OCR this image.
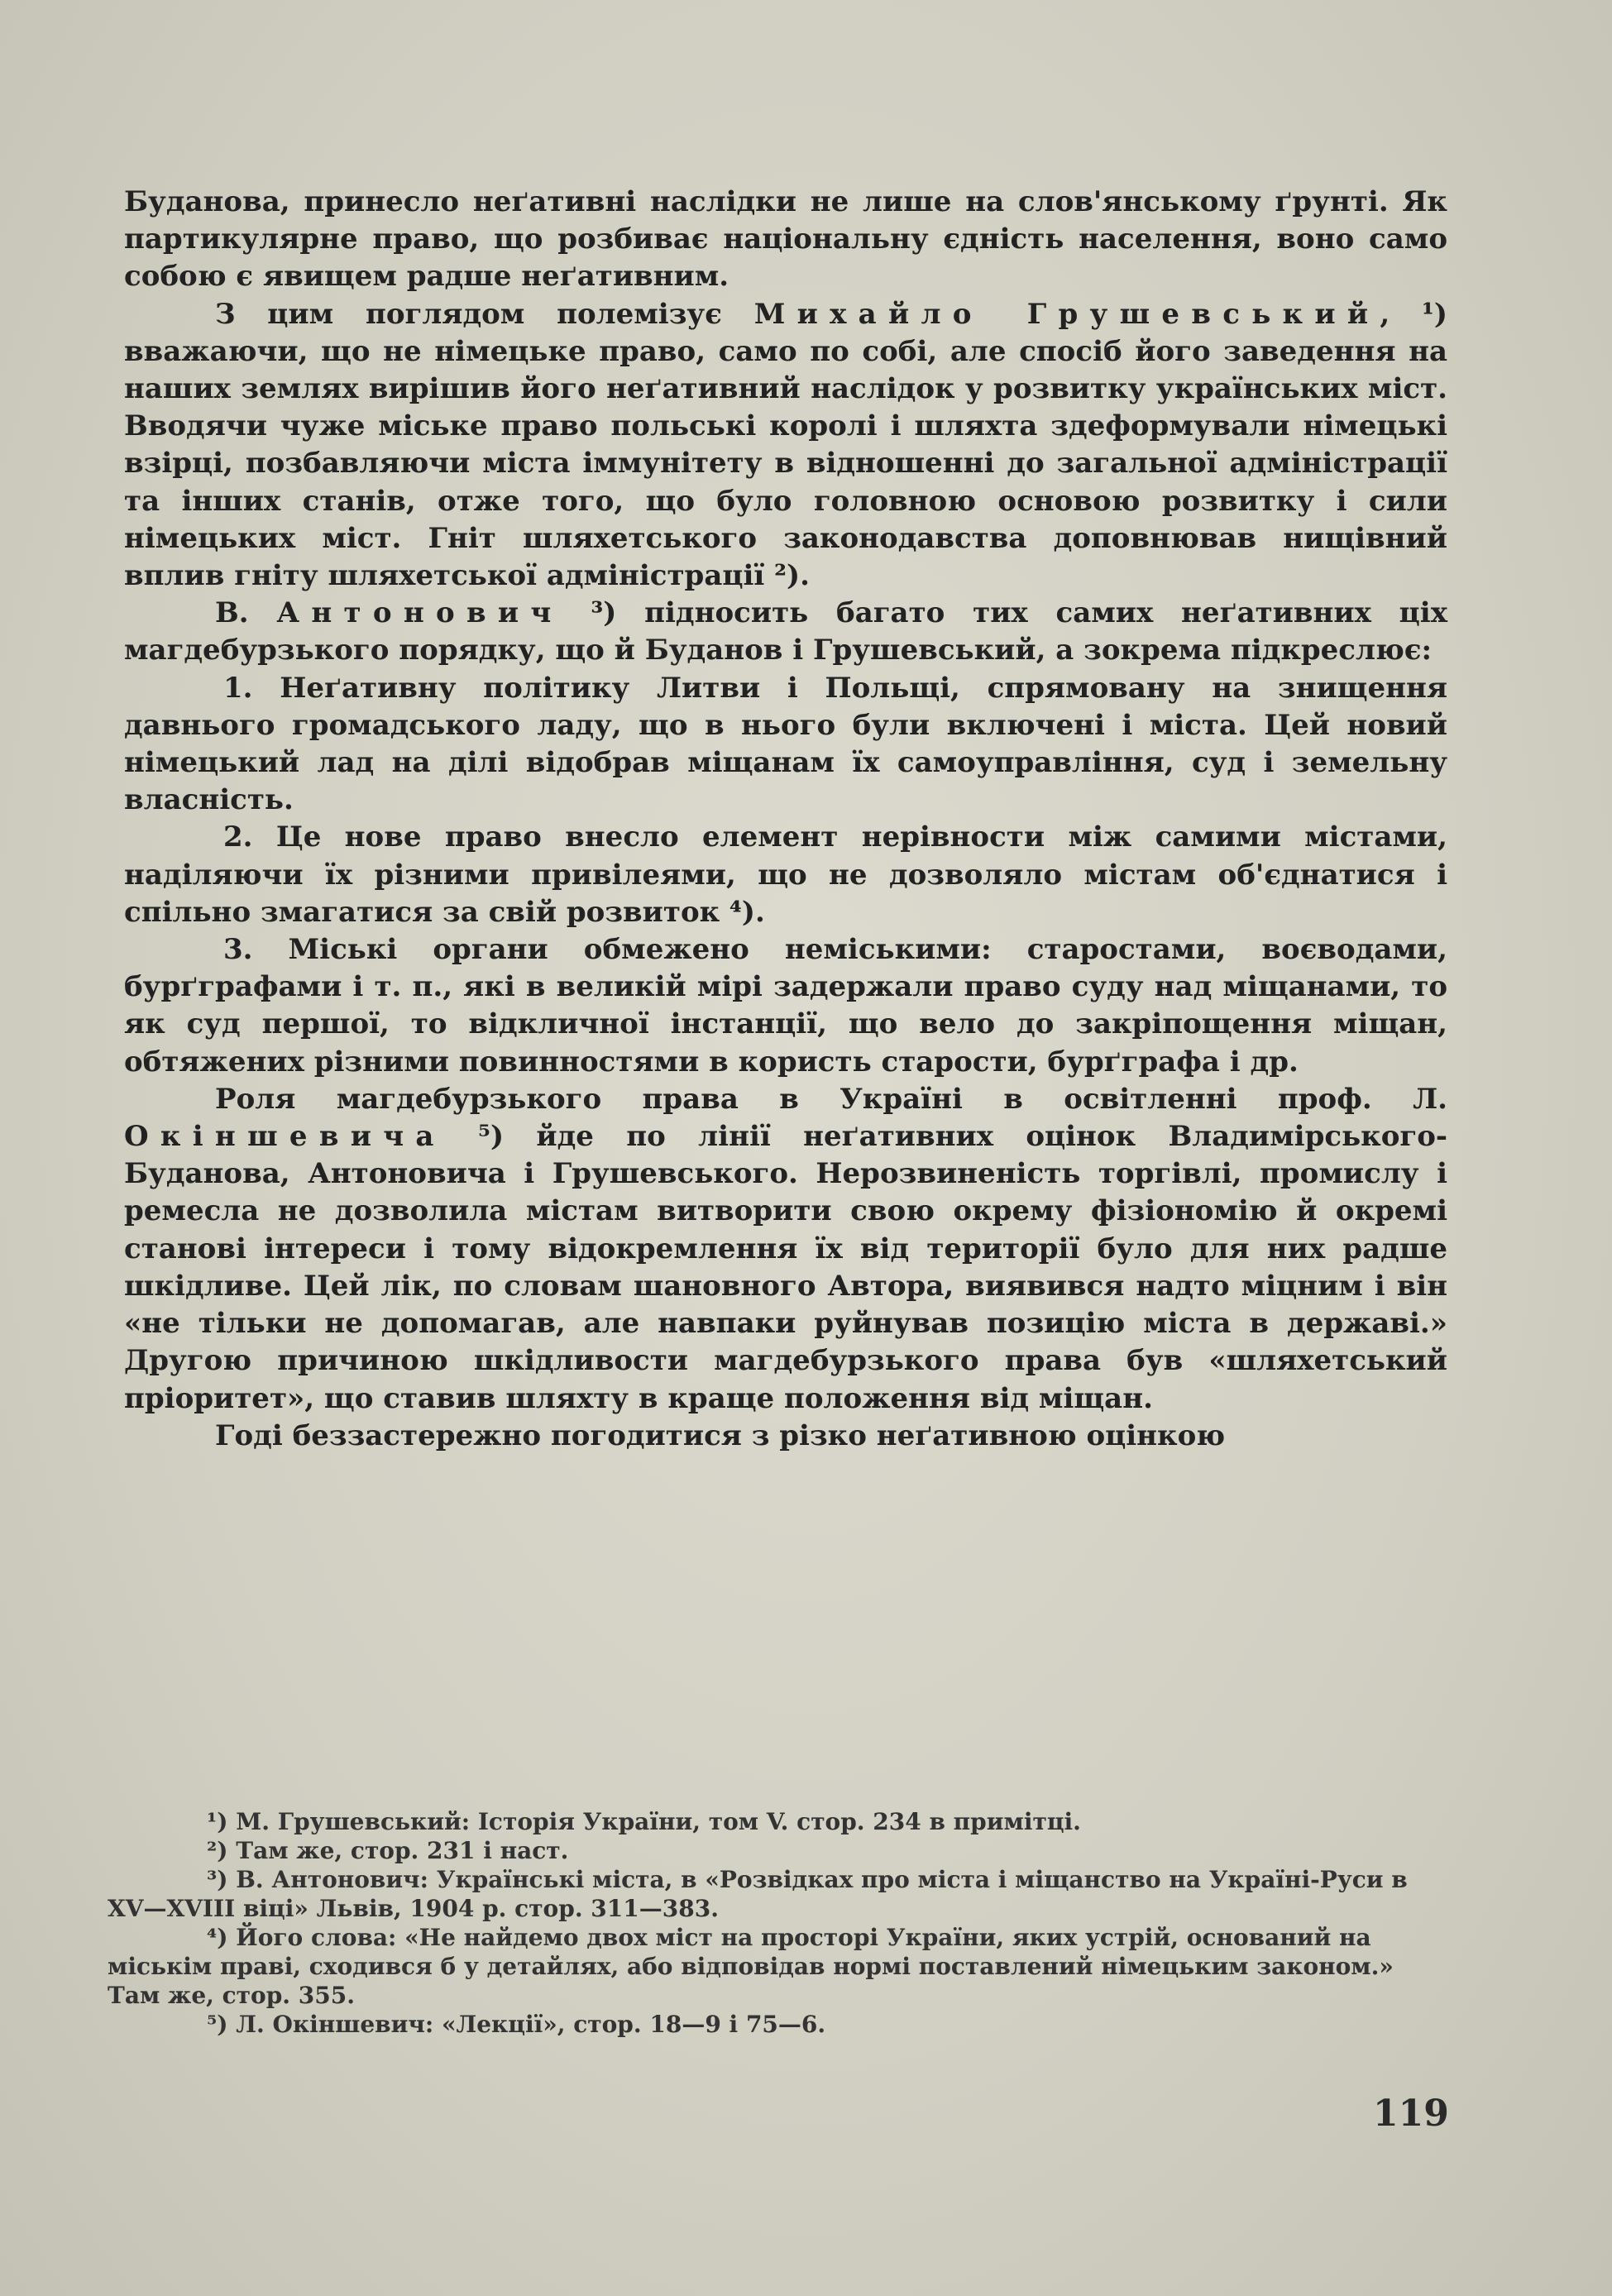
Буданова, принесло неґативні наслідки не лише на слов'янському ґрунті. Як партикулярне право, що розбиває національну єдність населення, воно само собою є явищем радше неґативним.

З цим поглядом полемізує Михайло Грушевський, ¹) вважаючи, що не німецьке право, само по собі, але спосіб його заведення на наших землях вирішив його неґативний наслідок у розвитку українських міст. Вводячи чуже міське право польські королі і шляхта здеформували німецькі взірці, позбавляючи міста іммунітету в відношенні до загальної адміністрації та інших станів, отже того, що було головною основою розвитку і сили німецьких міст. Гніт шляхетського законодавства доповнював нищівний вплив гніту шляхетської адміністрації ²).

В. Антонович ³) підносить багато тих самих неґативних ціх магдебурзького порядку, що й Буданов і Грушевський, а зокрема підкреслює:

1. Неґативну політику Литви і Польщі, спрямовану на знищення давнього громадського ладу, що в нього були включені і міста. Цей новий німецький лад на ділі відобрав міщанам їх самоуправління, суд і земельну власність.

2. Це нове право внесло елемент нерівности між самими містами, наділяючи їх різними привілеями, що не дозволяло містам об'єднатися і спільно змагатися за свій розвиток ⁴).

3. Міські органи обмежено неміськими: старостами, воєводами, бурґграфами і т. п., які в великій мірі задержали право суду над міщанами, то як суд першої, то відкличної інстанції, що вело до закріпощення міщан, обтяжених різними повинностями в користь старости, бурґграфа і др.

Роля магдебурзького права в Україні в освітленні проф. Л. Окіншевича ⁵) йде по лінії неґативних оцінок Владимірського-Буданова, Антоновича і Грушевського. Нерозвиненість торгівлі, промислу і ремесла не дозволила містам витворити свою окрему фізіономію й окремі станові інтереси і тому відокремлення їх від території було для них радше шкідливе. Цей лік, по словам шановного Автора, виявився надто міцним і він «не тільки не допомагав, але навпаки руйнував позицію міста в державі.» Другою причиною шкідливости магдебурзького права був «шляхетський пріоритет», що ставив шляхту в краще положення від міщан.

Годі беззастережно погодитися з різко неґативною оцінкою

¹) М. Грушевський: Історія України, том V. стор. 234 в примітці.

²) Там же, стор. 231 і наст.

³) В. Антонович: Українські міста, в «Розвідках про міста і міщанство на Україні-Руси в XV—XVIII віці» Львів, 1904 р. стор. 311—383.

⁴) Його слова: «Не найдемо двох міст на просторі України, яких устрій, оснований на міськім праві, сходився б у детайлях, або відповідав нормі поставлений німецьким законом.» Там же, стор. 355.

⁵) Л. Окіншевич: «Лекції», стор. 18—9 і 75—6.

119
